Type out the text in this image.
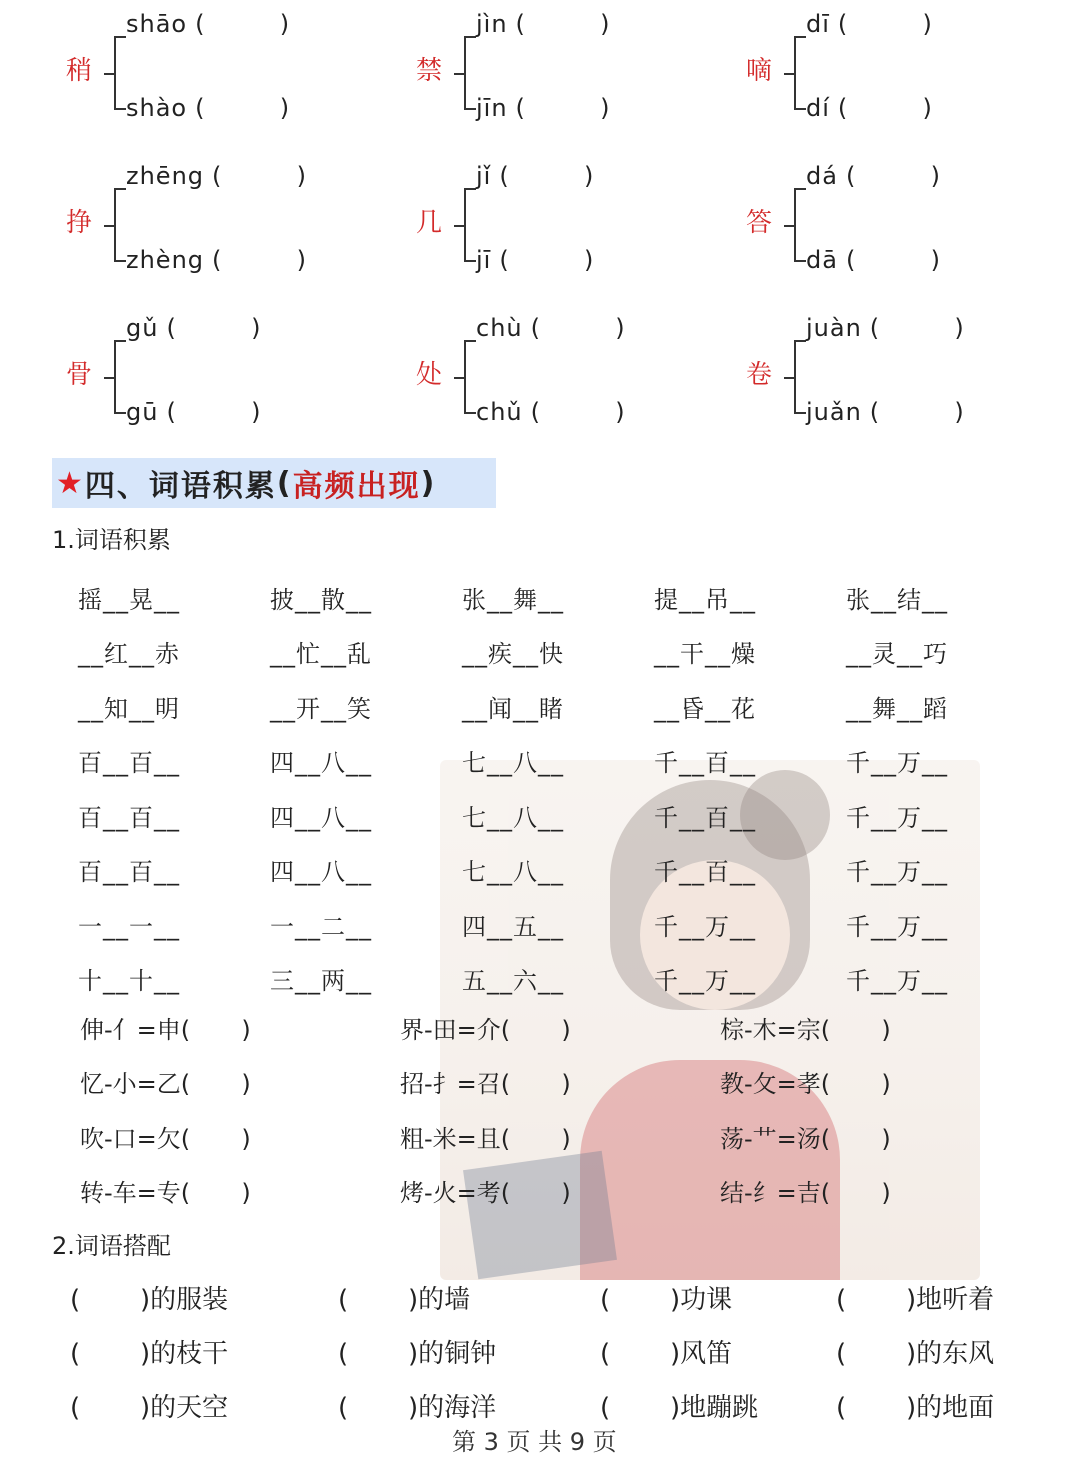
稍
shāo( )
shào( )
禁
jìn( )
jīn( )
嘀
dī( )
dí( )
挣
zhēng( )
zhèng( )
几
jǐ( )
jī( )
答
dá( )
dā( )
骨
gǔ( )
gū( )
处
chù( )
chǔ( )
卷
juàn( )
juǎn( )
★ 四、词语积累 ( 高频出现 )
1.词语积累
摇__晃__	披__散__	张__舞__	提__吊__	张__结__
__红__赤	__忙__乱	__疾__快	__干__燥	__灵__巧
__知__明	__开__笑	__闻__睹	__昏__花	__舞__蹈
百__百__	四__八__	七__八__	千__百__	千__万__
百__百__	四__八__	七__八__	千__百__	千__万__
百__百__	四__八__	七__八__	千__百__	千__万__
一__一__	一__二__	四__五__	千__万__	千__万__
十__十__	三__两__	五__六__	千__万__	千__万__
伸-亻=申 ( )	界-田=介 ( )	棕-木=宗( )
忆-小=乙 ( )	招-扌=召 ( )	教-攵=孝( )
吹-口=欠 ( )	粗-米=且 ( )	荡-艹=汤( )
转-车=专 ( )	烤-火=考 ( )	结-纟=吉( )
2.词语搭配
( )的服装	( )的墙	( )功课	( )地听着
( )的枝干	( )的铜钟	( )风笛	( )的东风
( )的天空	( )的海洋	( )地蹦跳	( )的地面
第 3 页 共 9 页
